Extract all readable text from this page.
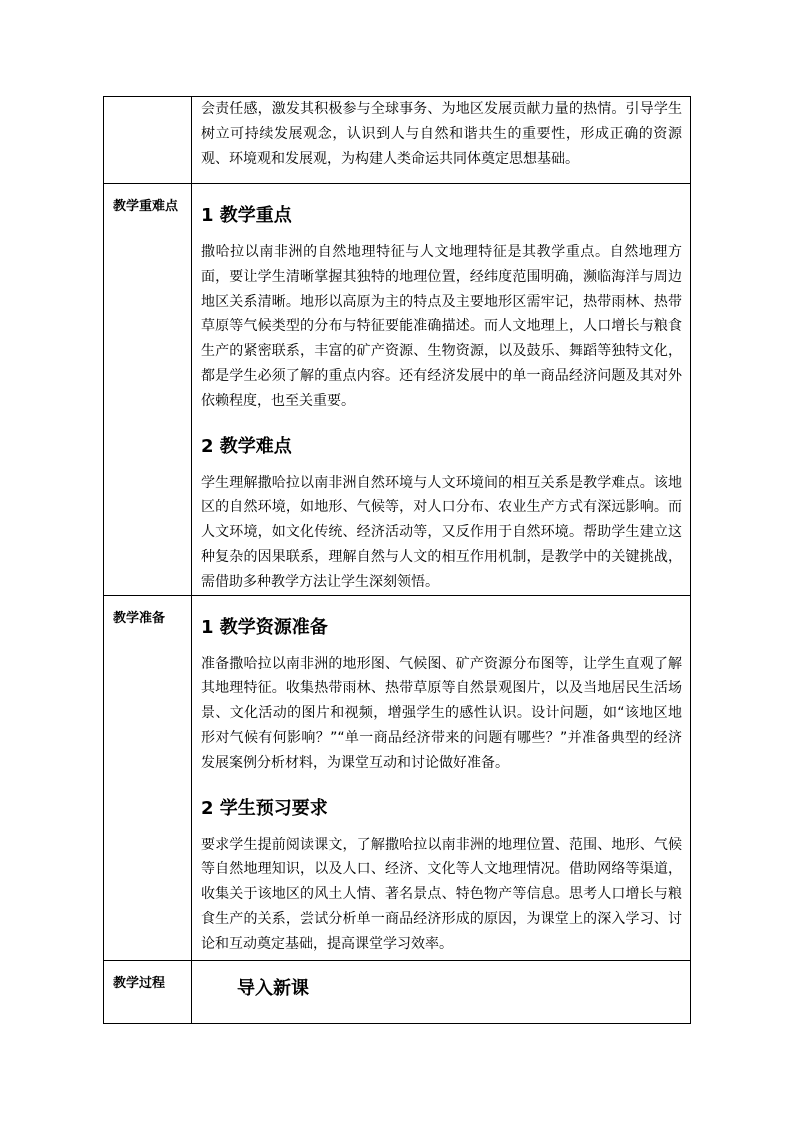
	会责任感，激发其积极参与全球事务、为地区发展贡献力量的热情。引导学生树立可持续发展观念，认识到人与自然和谐共生的重要性，形成正确的资源观、环境观和发展观，为构建人类命运共同体奠定思想基础。

教学重难点	1 教学重点

撒哈拉以南非洲的自然地理特征与人文地理特征是其教学重点。自然地理方面，要让学生清晰掌握其独特的地理位置，经纬度范围明确，濒临海洋与周边地区关系清晰。地形以高原为主的特点及主要地形区需牢记，热带雨林、热带草原等气候类型的分布与特征要能准确描述。而人文地理上，人口增长与粮食生产的紧密联系，丰富的矿产资源、生物资源，以及鼓乐、舞蹈等独特文化，都是学生必须了解的重点内容。还有经济发展中的单一商品经济问题及其对外依赖程度，也至关重要。

2 教学难点

学生理解撒哈拉以南非洲自然环境与人文环境间的相互关系是教学难点。该地区的自然环境，如地形、气候等，对人口分布、农业生产方式有深远影响。而人文环境，如文化传统、经济活动等，又反作用于自然环境。帮助学生建立这种复杂的因果联系，理解自然与人文的相互作用机制，是教学中的关键挑战，需借助多种教学方法让学生深刻领悟。

教学准备	1 教学资源准备

准备撒哈拉以南非洲的地形图、气候图、矿产资源分布图等，让学生直观了解其地理特征。收集热带雨林、热带草原等自然景观图片，以及当地居民生活场景、文化活动的图片和视频，增强学生的感性认识。设计问题，如“该地区地形对气候有何影响？”“单一商品经济带来的问题有哪些？”并准备典型的经济发展案例分析材料，为课堂互动和讨论做好准备。

2 学生预习要求

要求学生提前阅读课文，了解撒哈拉以南非洲的地理位置、范围、地形、气候等自然地理知识，以及人口、经济、文化等人文地理情况。借助网络等渠道，收集关于该地区的风土人情、著名景点、特色物产等信息。思考人口增长与粮食生产的关系，尝试分析单一商品经济形成的原因，为课堂上的深入学习、讨论和互动奠定基础，提高课堂学习效率。

教学过程	导入新课
